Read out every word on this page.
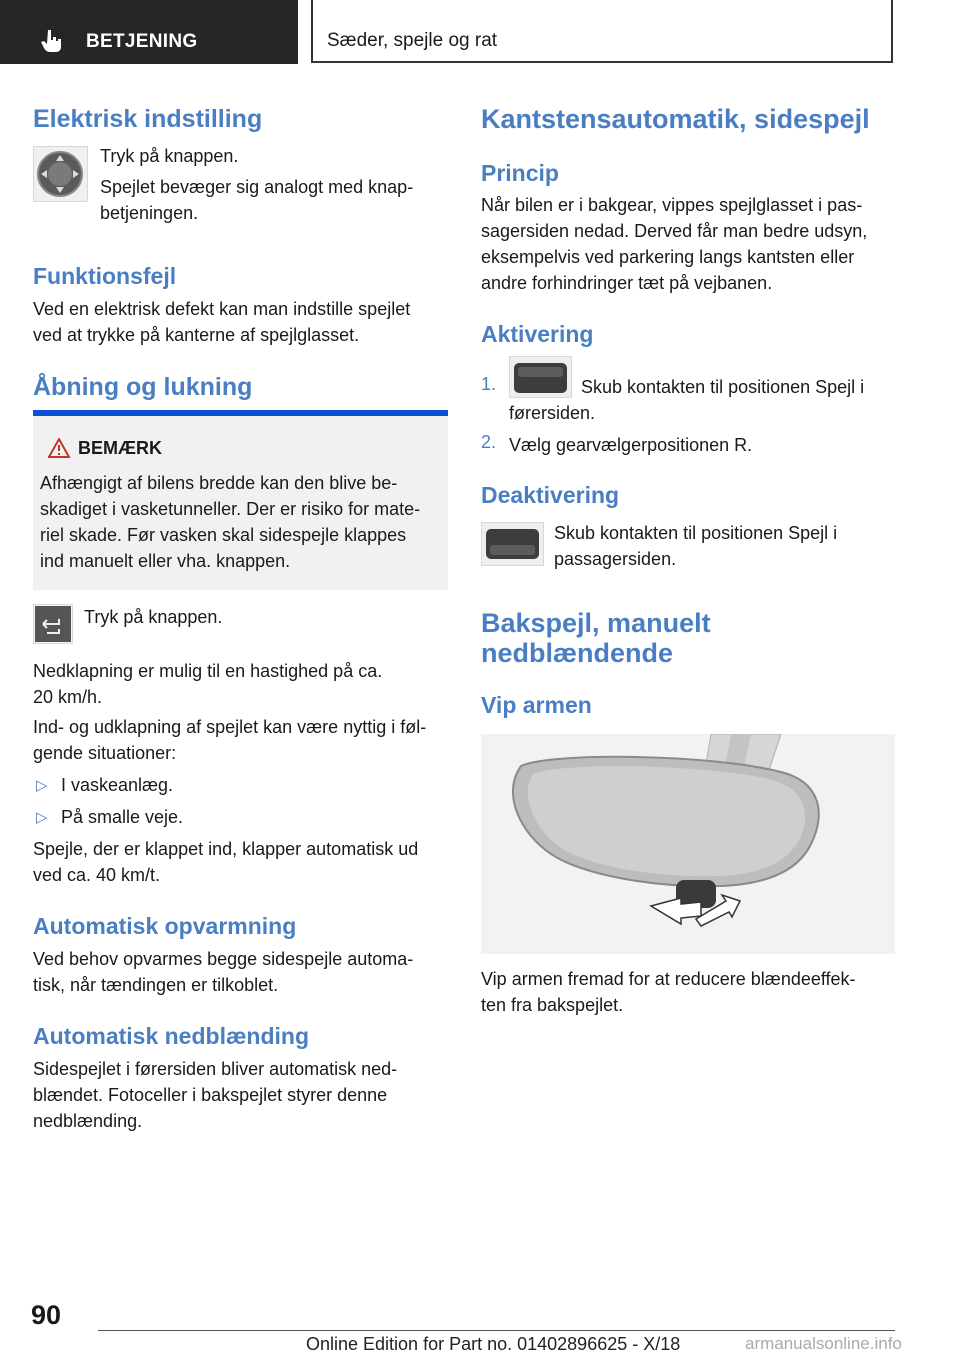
BETJENING	Sæder, spejle og rat
Elektrisk indstilling

Tryk på knappen.

Spejlet bevæger sig analogt med knap-

betjeningen.

Funktionsfejl

Ved en elektrisk defekt kan man indstille spejlet

ved at trykke på kanterne af spejlglasset.

Åbning og lukning
BEMÆRK

Afhængigt af bilens bredde kan den blive be-

skadiget i vasketunneller. Der er risiko for mate-

riel skade. Før vasken skal sidespejle klappes

ind manuelt eller vha. knappen.

Tryk på knappen.

Nedklapning er mulig til en hastighed på ca.

20 km/h.

Ind- og udklapning af spejlet kan være nyttig i føl-

gende situationer:

▷ I vaskeanlæg.

▷ På smalle veje.

Spejle, der er klappet ind, klapper automatisk ud

ved ca. 40 km/t.

Automatisk opvarmning

Ved behov opvarmes begge sidespejle automa-

tisk, når tændingen er tilkoblet.

Automatisk nedblænding

Sidespejlet i førersiden bliver automatisk ned-

blændet. Fotoceller i bakspejlet styrer denne

nedblænding.

Kantstensautomatik, sidespejl
Princip

Når bilen er i bakgear, vippes spejlglasset i pas-

sagersiden nedad. Derved får man bedre udsyn,

eksempelvis ved parkering langs kantsten eller

andre forhindringer tæt på vejbanen.

Aktivering
1.	Skub kontakten til positionen Spejl i

førersiden.

2. Vælg gearvælgerpositionen R.

Deaktivering

Skub kontakten til positionen Spejl i

passagersiden.

Bakspejl, manuelt
nedblændende
Vip armen

Vip armen fremad for at reducere blændeeffek-

ten fra bakspejlet.

90
Online Edition for Part no. 01402896625 - X/18	armanualsonline.info
